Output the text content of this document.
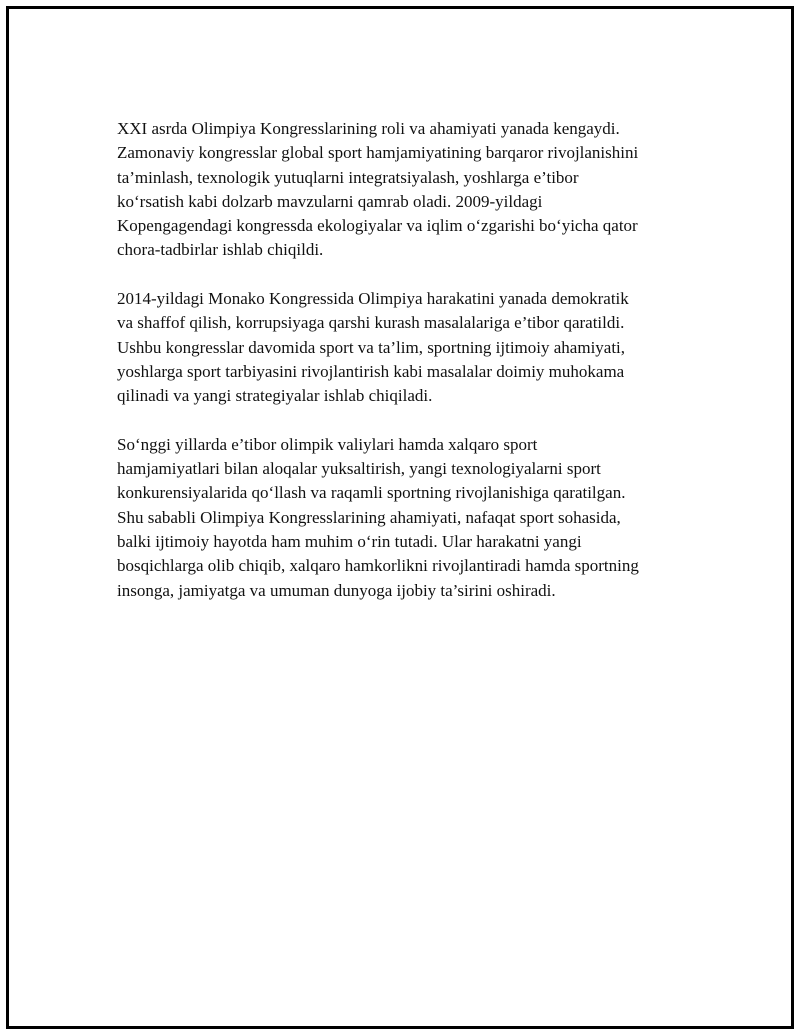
XXI asrda Olimpiya Kongresslarining roli va ahamiyati yanada kengaydi.
Zamonaviy kongresslar global sport hamjamiyatining barqaror rivojlanishini
ta’minlash, texnologik yutuqlarni integratsiyalash, yoshlarga e’tibor
ko‘rsatish kabi dolzarb mavzularni qamrab oladi. 2009-yildagi
Kopengagendagi kongressda ekologiyalar va iqlim o‘zgarishi bo‘yicha qator
chora-tadbirlar ishlab chiqildi.

2014-yildagi Monako Kongressida Olimpiya harakatini yanada demokratik
va shaffof qilish, korrupsiyaga qarshi kurash masalalariga e’tibor qaratildi.
Ushbu kongresslar davomida sport va ta’lim, sportning ijtimoiy ahamiyati,
yoshlarga sport tarbiyasini rivojlantirish kabi masalalar doimiy muhokama
qilinadi va yangi strategiyalar ishlab chiqiladi.

So‘nggi yillarda e’tibor olimpik valiylari hamda xalqaro sport
hamjamiyatlari bilan aloqalar yuksaltirish, yangi texnologiyalarni sport
konkurensiyalarida qo‘llash va raqamli sportning rivojlanishiga qaratilgan.
Shu sababli Olimpiya Kongresslarining ahamiyati, nafaqat sport sohasida,
balki ijtimoiy hayotda ham muhim o‘rin tutadi. Ular harakatni yangi
bosqichlarga olib chiqib, xalqaro hamkorlikni rivojlantiradi hamda sportning
insonga, jamiyatga va umuman dunyoga ijobiy ta’sirini oshiradi.
